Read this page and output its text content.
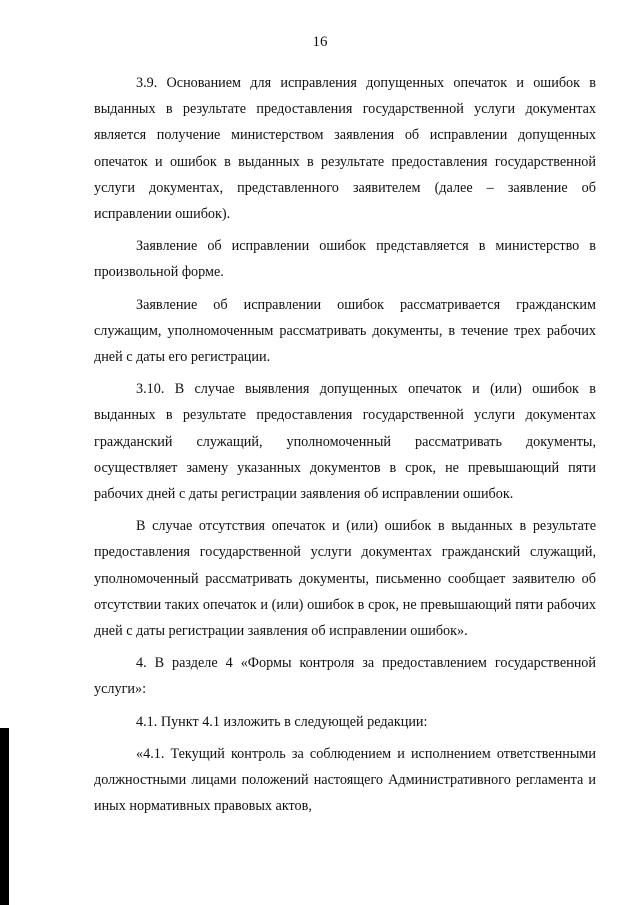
16

3.9. Основанием для исправления допущенных опечаток и ошибок в выданных в результате предоставления государственной услуги документах является получение министерством заявления об исправлении допущенных опечаток и ошибок в выданных в результате предоставления государственной услуги документах, представленного заявителем (далее – заявление об исправлении ошибок).

Заявление об исправлении ошибок представляется в министерство в произвольной форме.

Заявление об исправлении ошибок рассматривается гражданским служащим, уполномоченным рассматривать документы, в течение трех рабочих дней с даты его регистрации.

3.10. В случае выявления допущенных опечаток и (или) ошибок в выданных в результате предоставления государственной услуги документах гражданский служащий, уполномоченный рассматривать документы, осуществляет замену указанных документов в срок, не превышающий пяти рабочих дней с даты регистрации заявления об исправлении ошибок.

В случае отсутствия опечаток и (или) ошибок в выданных в результате предоставления государственной услуги документах гражданский служащий, уполномоченный рассматривать документы, письменно сообщает заявителю об отсутствии таких опечаток и (или) ошибок в срок, не превышающий пяти рабочих дней с даты регистрации заявления об исправлении ошибок».

4. В разделе 4 «Формы контроля за предоставлением государственной услуги»:

4.1. Пункт 4.1 изложить в следующей редакции:

«4.1. Текущий контроль за соблюдением и исполнением ответственными должностными лицами положений настоящего Административного регламента и иных нормативных правовых актов,
